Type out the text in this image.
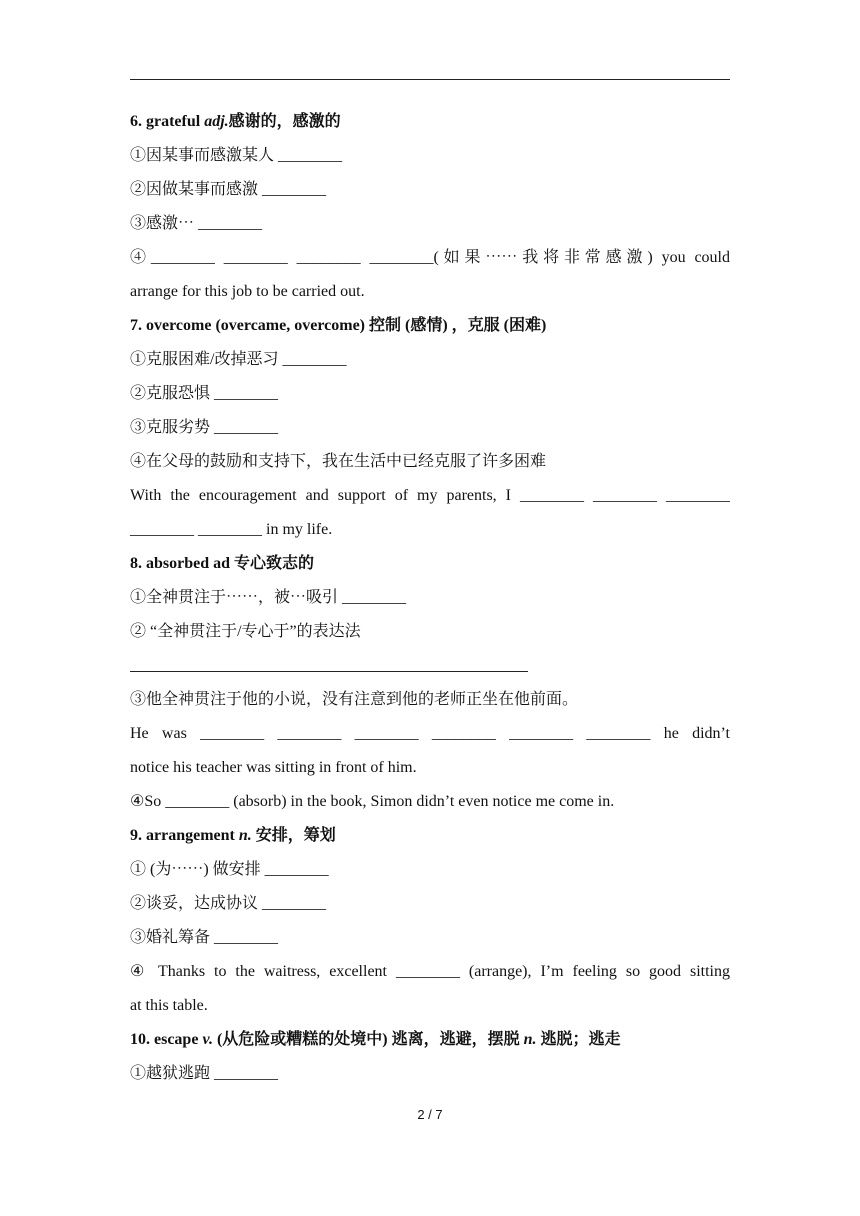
6. grateful adj.感谢的，感激的
①因某事而感激某人 ________
②因做某事而感激 ________
③感激⋯ ________
④________ ________ ________ ________(如果⋯⋯我将非常感激) you could
arrange for this job to be carried out.
7. overcome (overcame, overcome) 控制 (感情) ，克服 (困难)
①克服困难/改掉恶习 ________
②克服恐惧 ________
③克服劣势 ________
④在父母的鼓励和支持下，我在生活中已经克服了许多困难
With the encouragement and support of my parents, I ________ ________ ________
________ ________ in my life.
8. absorbed ad 专心致志的
①全神贯注于⋯⋯，被⋯吸引 ________
② “全神贯注于/专心于”的表达法
③他全神贯注于他的小说，没有注意到他的老师正坐在他前面。
He was ________ ________ ________ ________ ________ ________ he didn’t
notice his teacher was sitting in front of him.
④So ________ (absorb) in the book, Simon didn’t even notice me come in.
9. arrangement n. 安排，筹划
① (为⋯⋯) 做安排 ________
②谈妥，达成协议 ________
③婚礼筹备 ________
④ Thanks to the waitress, excellent ________ (arrange), I’m feeling so good sitting
at this table.
10. escape v. (从危险或糟糕的处境中) 逃离，逃避，摆脱 n. 逃脱；逃走
①越狱逃跑 ________
2 / 7
